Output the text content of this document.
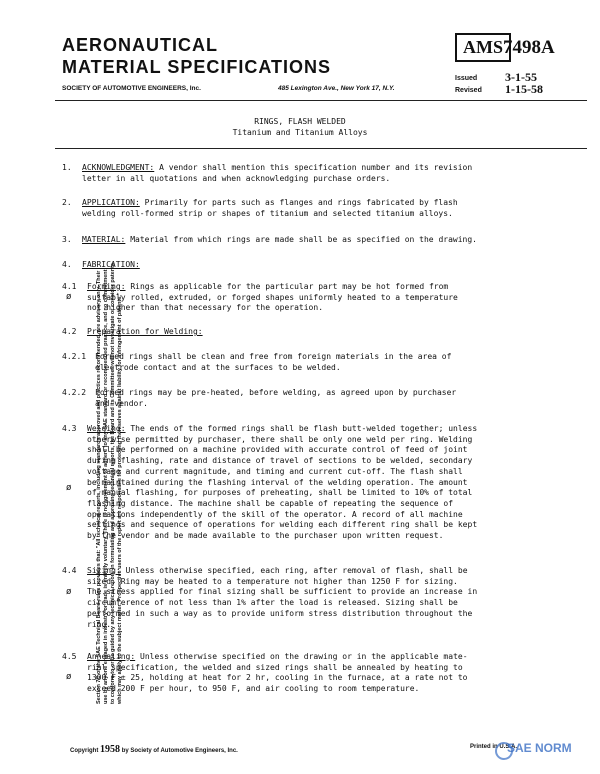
AERONAUTICAL
MATERIAL SPECIFICATIONS
SOCIETY OF AUTOMOTIVE ENGINEERS, Inc.	485 Lexington Ave., New York 17, N.Y.
AMS 7498A
Issued 3-1-55
Revised 1-15-58
RINGS, FLASH WELDED
Titanium and Titanium Alloys
1. ACKNOWLEDGMENT: A vendor shall mention this specification number and its revision
letter in all quotations and when acknowledging purchase orders.
2. APPLICATION: Primarily for parts such as flanges and rings fabricated by flash
welding roll-formed strip or shapes of titanium and selected titanium alloys.
3. MATERIAL: Material from which rings are made shall be as specified on the drawing.
4. FABRICATION:
4.1
ø
Forming: Rings as applicable for the particular part may be hot formed from
suitably rolled, extruded, or forged shapes uniformly heated to a temperature
not higher than that necessary for the operation.
4.2 Preparation for Welding:
4.2.1 Formed rings shall be clean and free from foreign materials in the area of
electrode contact and at the surfaces to be welded.
4.2.2 Formed rings may be pre-heated, before welding, as agreed upon by purchaser
and vendor.
4.3
ø
Welding: The ends of the formed rings shall be flash butt-welded together; unless
otherwise permitted by purchaser, there shall be only one weld per ring. Welding
shall be performed on a machine provided with accurate control of feed of joint
during flashing, rate and distance of travel of sections to be welded, secondary
voltage and current magnitude, and timing and current cut-off. The flash shall
be maintained during the flashing interval of the welding operation. The amount
of manual flashing, for purposes of preheating, shall be limited to 10% of total
flashing distance. The machine shall be capable of repeating the sequence of
operations independently of the skill of the operator. A record of all machine
settings and sequence of operations for welding each different ring shall be kept
by the vendor and be made available to the purchaser upon written request.
4.4
ø
Sizing: Unless otherwise specified, each ring, after removal of flash, shall be
sized. Ring may be heated to a temperature not higher than 1250 F for sizing.
The stress applied for final sizing shall be sufficient to provide an increase in
circumference of not less than 1% after the load is released. Sizing shall be
performed in such a way as to provide uniform stress distribution throughout the
ring.
4.5
ø
Annealing: Unless otherwise specified on the drawing or in the applicable mate-
rial specification, the welded and sized rings shall be annealed by heating to
1300 F ± 25, holding at heat for 2 hr, cooling in the furnace, at a rate not to
exceed 200 F per hour, to 950 F, and air cooling to room temperature.
Section 7C of the SAE Technical Board rules provides that: "All technical reports, including standards approved and practices recommended, are advisory only. Their use by anyone engaged in industry or trade is entirely voluntary. There is no agreement to adhere to any SAE standard or recommended practice, and no commitment to conform to or be guided by any technical report. In formulating and approving technical reports, the Board and its Committees will not investigate or consider patents which may apply to the subject matter. Prospective users of the report are responsible for protecting themselves against liability for infringement of patents."
Copyright 1958 by Society of Automotive Engineers, Inc.
Printed in U.S.A.
SAE NORM
